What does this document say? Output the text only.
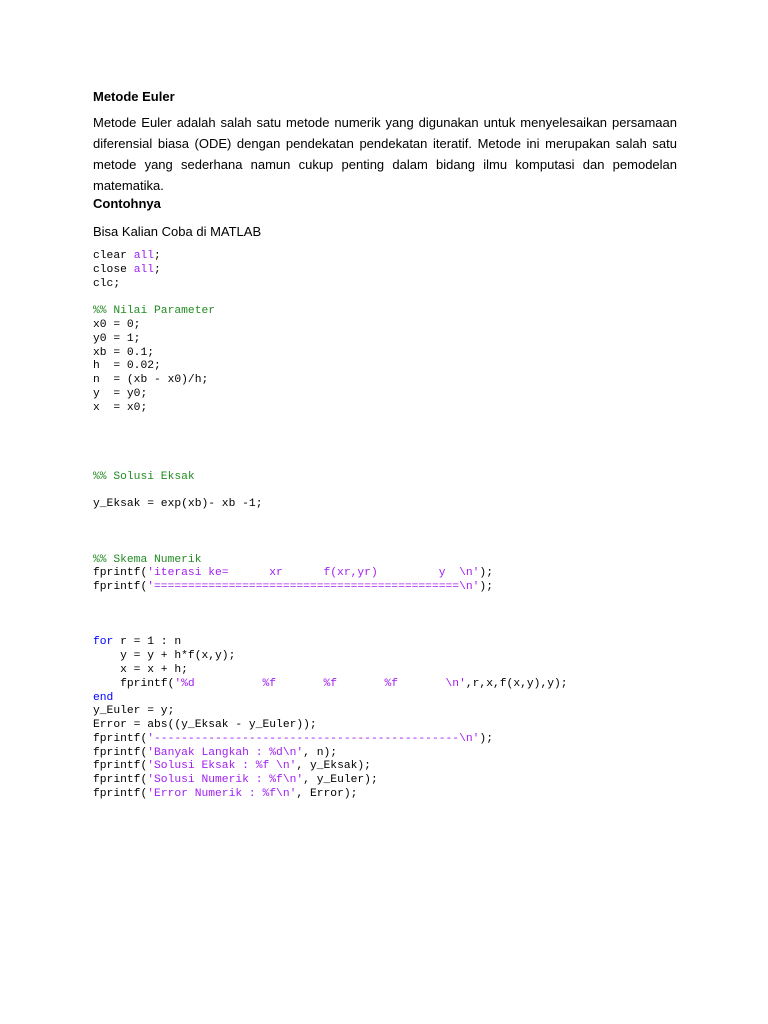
Metode Euler

Metode Euler adalah salah satu metode numerik yang digunakan untuk menyelesaikan persamaan diferensial biasa (ODE) dengan pendekatan pendekatan iteratif. Metode ini merupakan salah satu metode yang sederhana namun cukup penting dalam bidang ilmu komputasi dan pemodelan matematika.

Contohnya

Bisa Kalian Coba di MATLAB

clear all;
close all;
clc;
%% Nilai Parameter
x0 = 0;
y0 = 1;
xb = 0.1;
h  = 0.02;
n  = (xb - x0)/h;
y  = y0;
x  = x0;
%% Solusi Eksak
y_Eksak = exp(xb)- xb -1;
%% Skema Numerik
fprintf('iterasi ke=      xr      f(xr,yr)         y  \n');
fprintf('=============================================\n');
for r = 1 : n
y = y + h*f(x,y);
x = x + h;
fprintf('%d          %f       %f       %f       \n',r,x,f(x,y),y);
end
y_Euler = y;
Error = abs((y_Eksak - y_Euler));
fprintf('---------------------------------------------\n');
fprintf('Banyak Langkah : %d\n', n);
fprintf('Solusi Eksak : %f \n', y_Eksak);
fprintf('Solusi Numerik : %f\n', y_Euler);
fprintf('Error Numerik : %f\n', Error);
